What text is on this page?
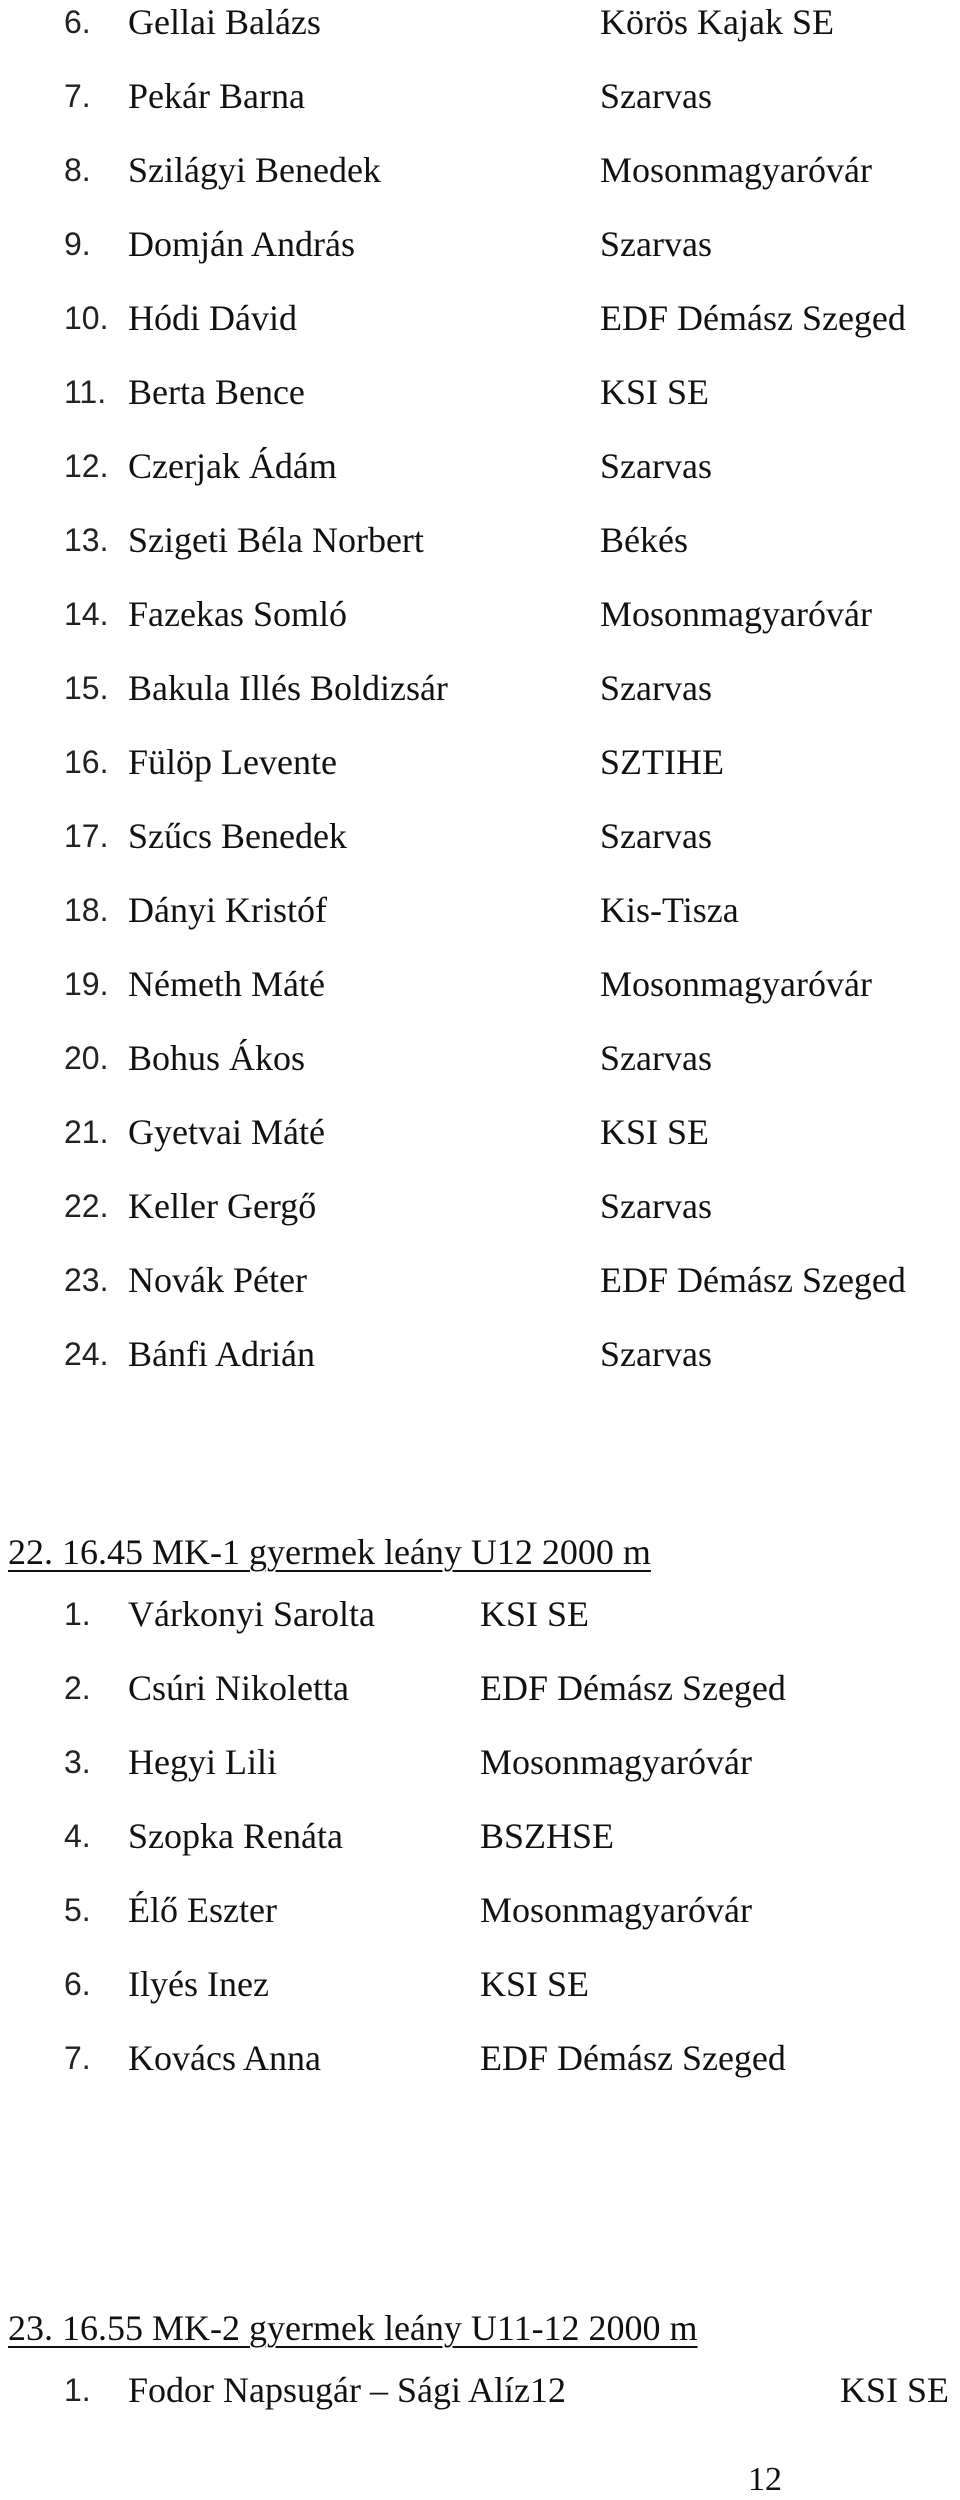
6. Gellai Balázs	Körös Kajak SE
7. Pekár Barna	Szarvas
8. Szilágyi Benedek	Mosonmagyaróvár
9. Domján András	Szarvas
10. Hódi Dávid	EDF Démász Szeged
11. Berta Bence	KSI SE
12. Czerjak Ádám	Szarvas
13. Szigeti Béla Norbert	Békés
14. Fazekas Somló	Mosonmagyaróvár
15. Bakula Illés Boldizsár	Szarvas
16. Fülöp Levente	SZTIHE
17. Szűcs Benedek	Szarvas
18. Dányi Kristóf	Kis-Tisza
19. Németh Máté	Mosonmagyaróvár
20. Bohus Ákos	Szarvas
21. Gyetvai Máté	KSI SE
22. Keller Gergő	Szarvas
23. Novák Péter	EDF Démász Szeged
24. Bánfi Adrián	Szarvas
22. 16.45 MK-1 gyermek leány U12 2000 m
1. Várkonyi Sarolta	KSI SE
2. Csúri Nikoletta	EDF Démász Szeged
3. Hegyi Lili	Mosonmagyaróvár
4. Szopka Renáta	BSZHSE
5. Élő Eszter	Mosonmagyaróvár
6. Ilyés Inez	KSI SE
7. Kovács Anna	EDF Démász Szeged
23. 16.55 MK-2 gyermek leány U11-12 2000 m
1. Fodor Napsugár – Sági Alíz12	KSI SE
12
